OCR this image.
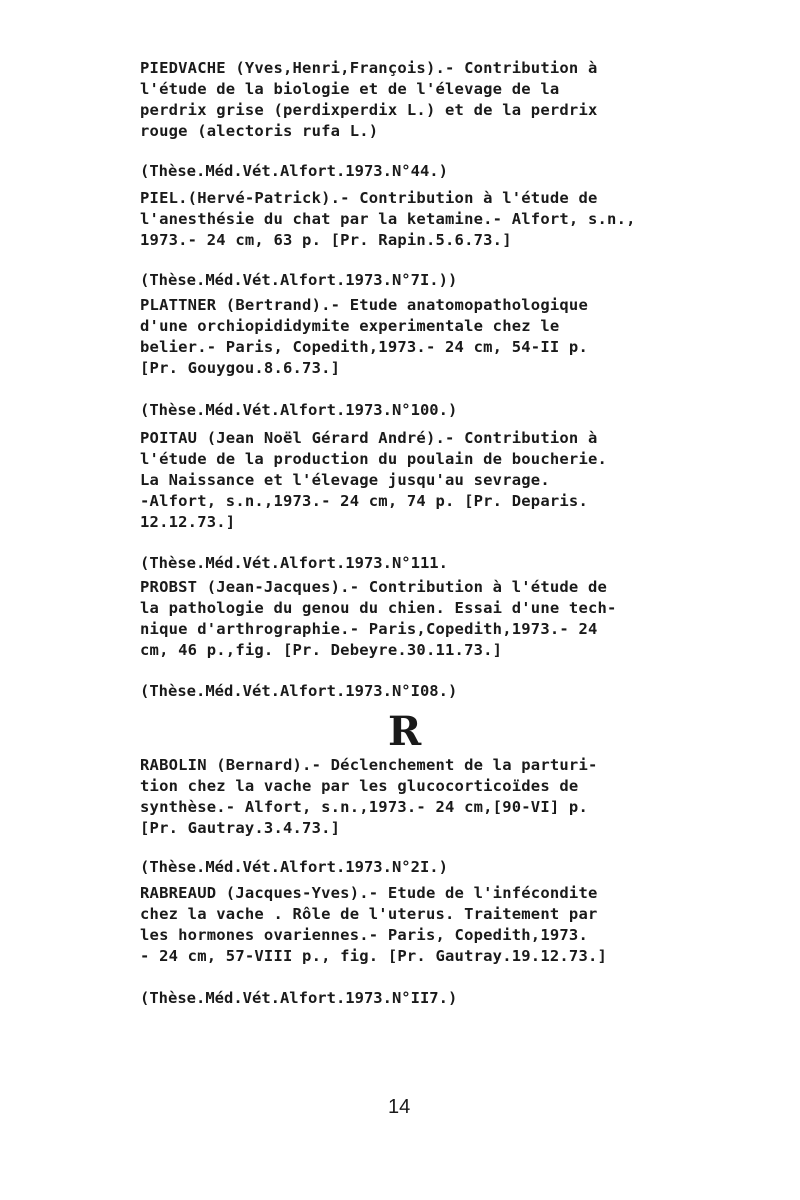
PIEDVACHE (Yves,Henri,François).- Contribution à
l'étude de la biologie et de l'élevage de la
perdrix grise (perdixperdix L.) et de la perdrix
rouge (alectoris rufa L.)
(Thèse.Méd.Vét.Alfort.1973.N°44.)
PIEL.(Hervé-Patrick).- Contribution à l'étude de
l'anesthésie du chat par la ketamine.- Alfort, s.n.,
1973.- 24 cm, 63 p. [Pr. Rapin.5.6.73.]
(Thèse.Méd.Vét.Alfort.1973.N°7I.))
PLATTNER (Bertrand).- Etude anatomopathologique
d'une orchiopididymite experimentale chez le
belier.- Paris, Copedith,1973.- 24 cm, 54-II p.
[Pr. Gouygou.8.6.73.]
(Thèse.Méd.Vét.Alfort.1973.N°100.)
POITAU (Jean Noël Gérard André).- Contribution à
l'étude de la production du poulain de boucherie.
La Naissance et l'élevage jusqu'au sevrage.
-Alfort, s.n.,1973.- 24 cm, 74 p. [Pr. Deparis.
12.12.73.]
(Thèse.Méd.Vét.Alfort.1973.N°111.
PROBST (Jean-Jacques).- Contribution à l'étude de
la pathologie du genou du chien. Essai d'une tech-
nique d'arthrographie.- Paris,Copedith,1973.- 24
cm, 46 p.,fig. [Pr. Debeyre.30.11.73.]
(Thèse.Méd.Vét.Alfort.1973.N°I08.)
R
RABOLIN (Bernard).- Déclenchement de la parturi-
tion chez la vache par les glucocorticoïdes de
synthèse.- Alfort, s.n.,1973.- 24 cm,[90-VI] p.
[Pr. Gautray.3.4.73.]
(Thèse.Méd.Vét.Alfort.1973.N°2I.)
RABREAUD (Jacques-Yves).- Etude de l'infécondite
chez la vache . Rôle de l'uterus. Traitement par
les hormones ovariennes.- Paris, Copedith,1973.
- 24 cm, 57-VIII p., fig. [Pr. Gautray.19.12.73.]
(Thèse.Méd.Vét.Alfort.1973.N°II7.)
14
